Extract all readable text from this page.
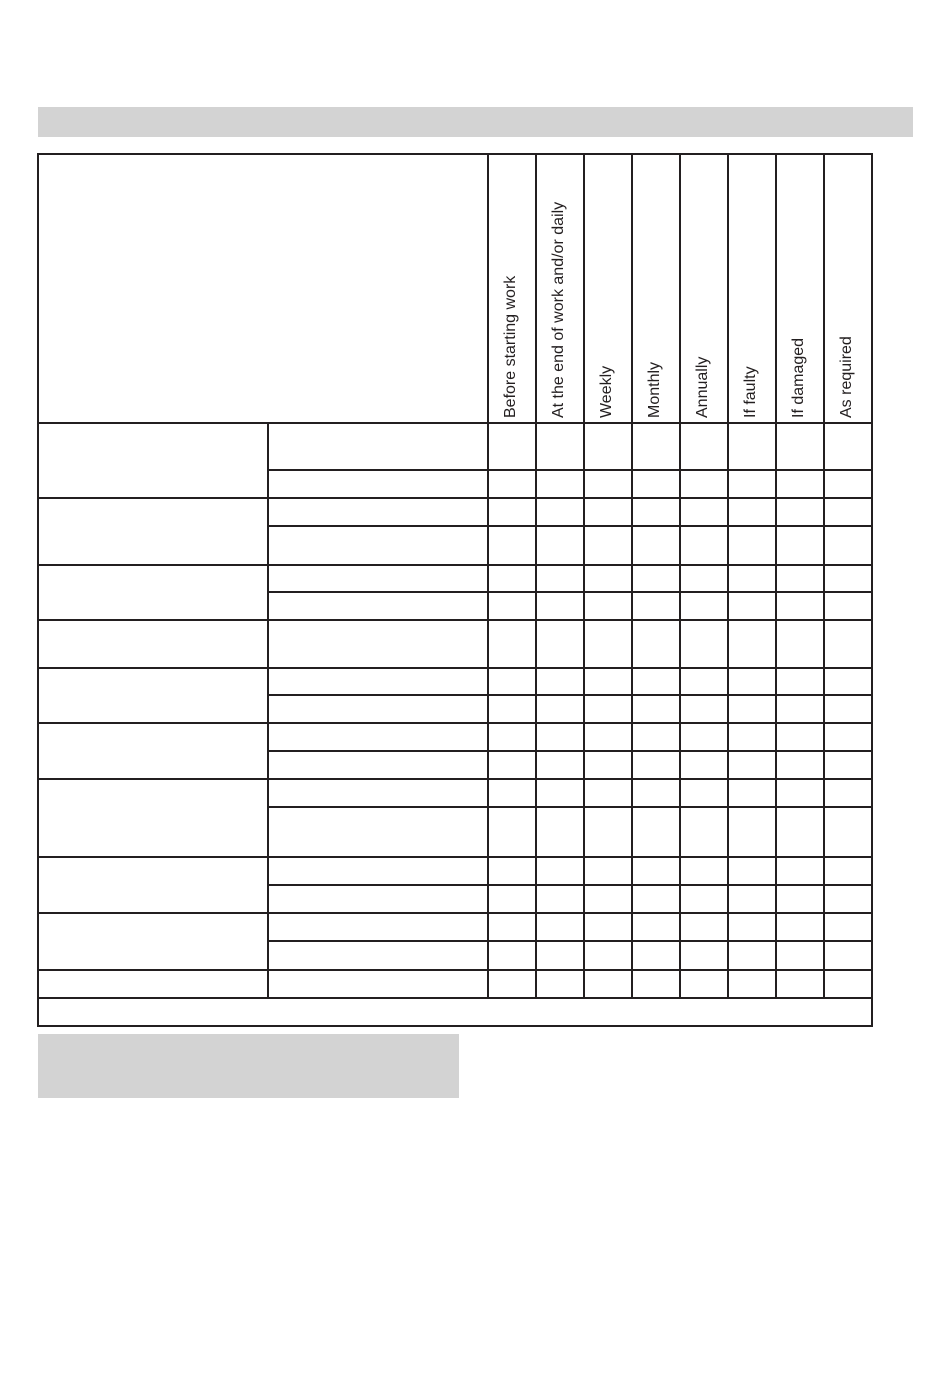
Before starting work At the end of work and/or daily Weekly Monthly Annually If faulty If damaged As required
